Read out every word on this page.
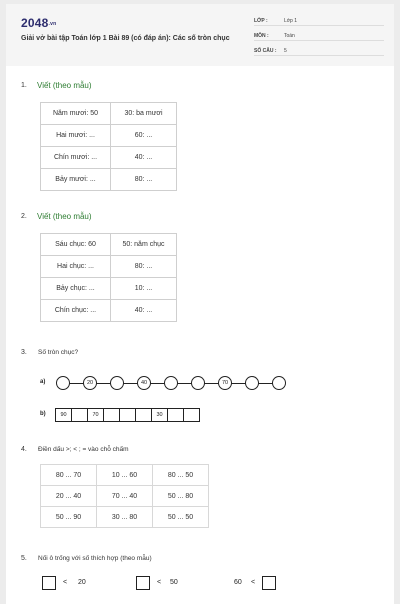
2048.vn
Giải vở bài tập Toán lớp 1 Bài 89 (có đáp án): Các số tròn chục
LỚP :	Lớp 1
MÔN :	Toán
SỐ CÂU : 5
1. Viết (theo mẫu)
Năm mươi: 50	30: ba mươi
Hai mươi: ...	60: ...
Chín mươi: ...	40: ...
Bảy mươi: ...	80: ...
2. Viết (theo mẫu)
Sáu chục: 60	50: năm chục
Hai chục: ...	80: ...
Bảy chục: ...	10: ...
Chín chục: ...	40: ...
3. Số tròn chục?
a)	20	40	70
b)	90	70	30
4. Điền dấu >; < ; = vào chỗ chấm
80 ... 70	10 ... 60	80 ... 50
20 ... 40	70 ... 40	50 ... 80
50 ... 90	30 ... 80	50 ... 50
5. Nối ô trống với số thích hợp (theo mẫu)
< 20	< 50	60 <
